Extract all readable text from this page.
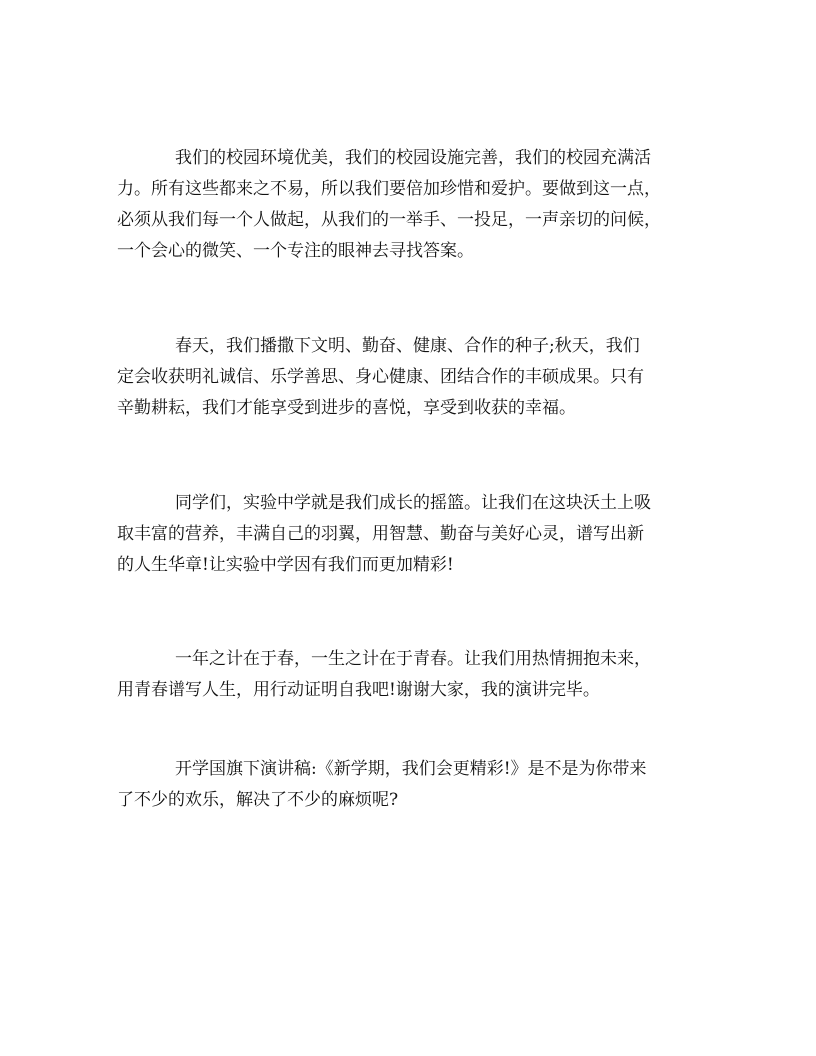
我们的校园环境优美，我们的校园设施完善，我们的校园充满活
力。所有这些都来之不易，所以我们要倍加珍惜和爱护。要做到这一点，
必须从我们每一个人做起，从我们的一举手、一投足，一声亲切的问候，
一个会心的微笑、一个专注的眼神去寻找答案。

春天，我们播撒下文明、勤奋、健康、合作的种子;秋天，我们
定会收获明礼诚信、乐学善思、身心健康、团结合作的丰硕成果。只有
辛勤耕耘，我们才能享受到进步的喜悦，享受到收获的幸福。

同学们，实验中学就是我们成长的摇篮。让我们在这块沃土上吸
取丰富的营养，丰满自己的羽翼，用智慧、勤奋与美好心灵，谱写出新
的人生华章!让实验中学因有我们而更加精彩!

一年之计在于春，一生之计在于青春。让我们用热情拥抱未来，
用青春谱写人生，用行动证明自我吧!谢谢大家，我的演讲完毕。

开学国旗下演讲稿:《新学期，我们会更精彩!》是不是为你带来
了不少的欢乐，解决了不少的麻烦呢?
